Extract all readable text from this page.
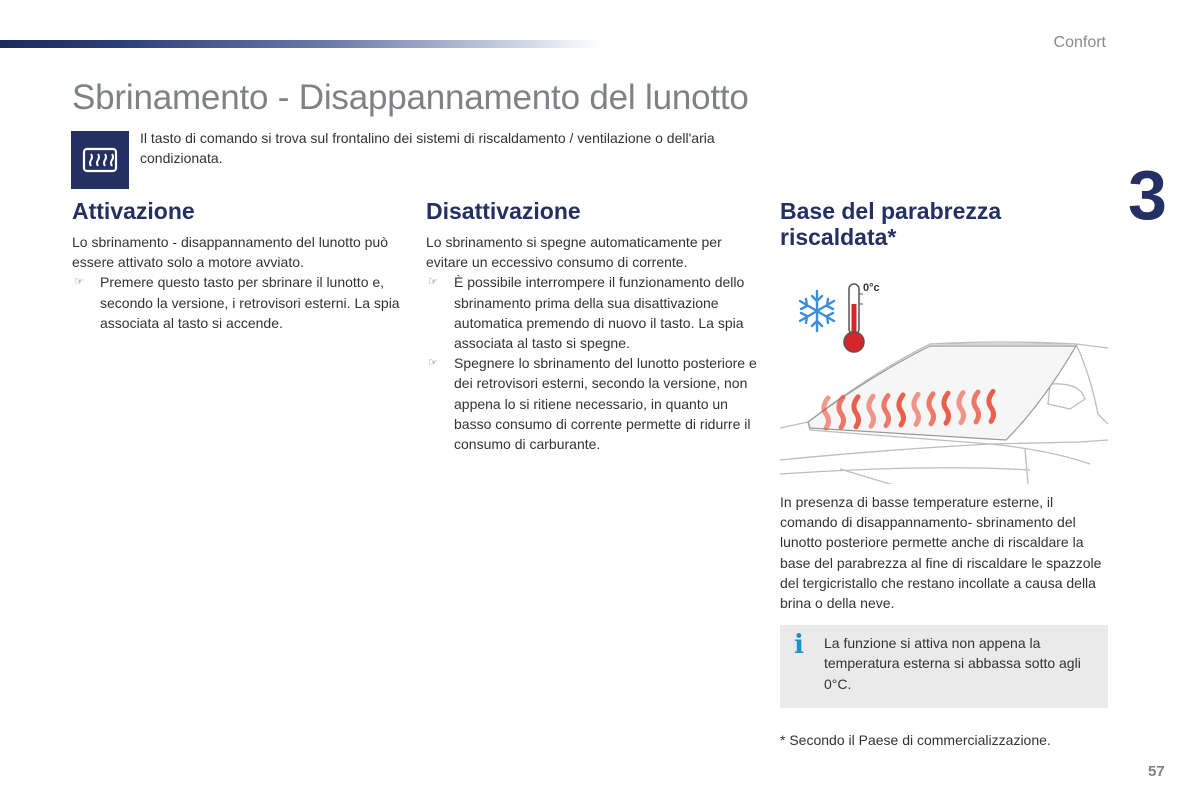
Confort
Sbrinamento - Disappannamento del lunotto
Il tasto di comando si trova sul frontalino dei sistemi di riscaldamento / ventilazione o dell'aria condizionata.	3
Attivazione

Lo sbrinamento - disappannamento del lunotto può essere attivato solo a motore avviato.

☞ Premere questo tasto per sbrinare il lunotto e, secondo la versione, i retrovisori esterni. La spia associata al tasto si accende.
Disattivazione

Lo sbrinamento si spegne automaticamente per evitare un eccessivo consumo di corrente.

☞ È possibile interrompere il funzionamento dello sbrinamento prima della sua disattivazione automatica premendo di nuovo il tasto. La spia associata al tasto si spegne.
☞ Spegnere lo sbrinamento del lunotto posteriore e dei retrovisori esterni, secondo la versione, non appena lo si ritiene necessario, in quanto un basso consumo di corrente permette di ridurre il consumo di carburante.
Base del parabrezza riscaldata*
0°c

In presenza di basse temperature esterne, il comando di disappannamento- sbrinamento del lunotto posteriore permette anche di riscaldare la base del parabrezza al fine di riscaldare le spazzole del tergicristallo che restano incollate a causa della brina o della neve.

i La funzione si attiva non appena la temperatura esterna si abbassa sotto agli 0°C.
* Secondo il Paese di commercializzazione.
57
